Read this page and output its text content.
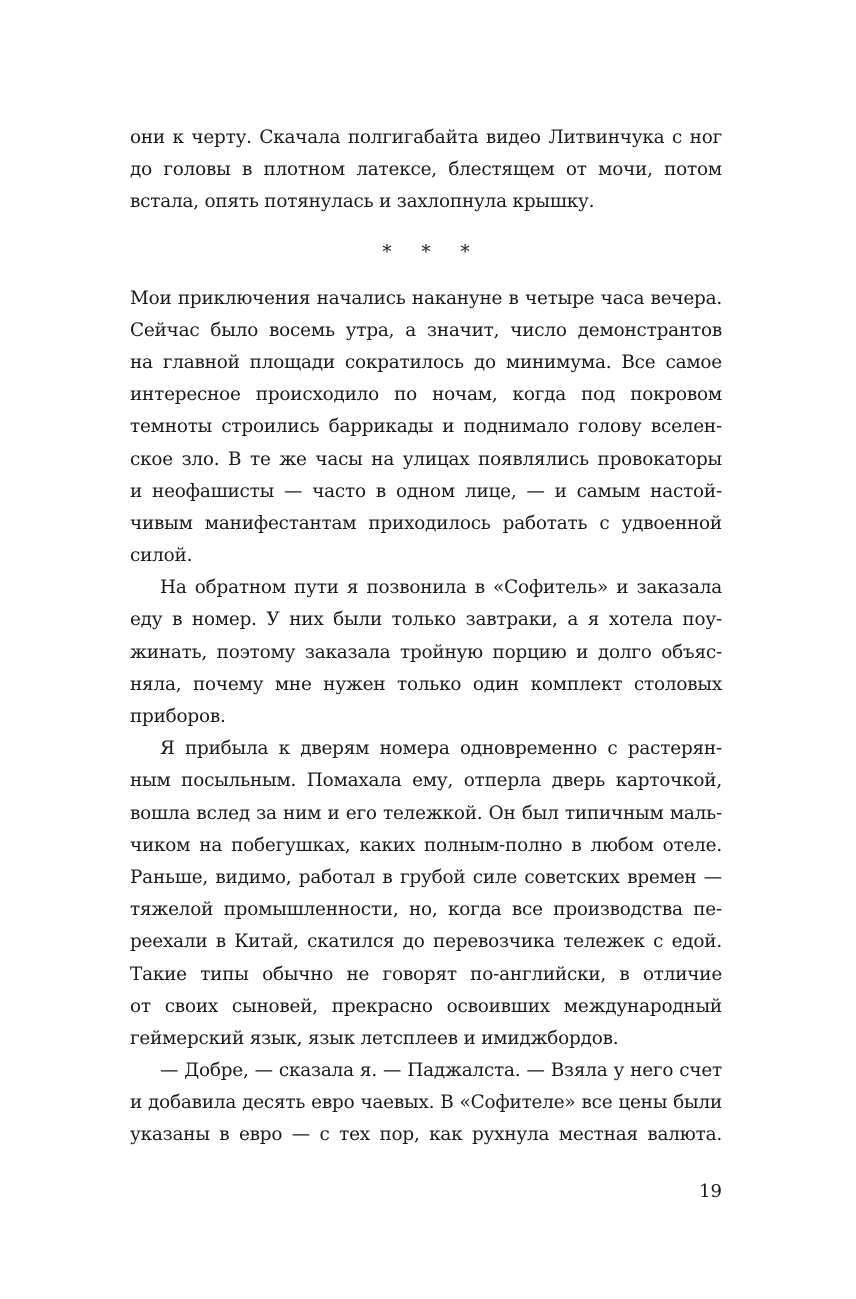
они к черту. Скачала полгигабайта видео Литвинчука с ног
до головы в плотном латексе, блестящем от мочи, потом
встала, опять потянулась и захлопнула крышку.
* * *
Мои приключения начались накануне в четыре часа вечера.
Сейчас было восемь утра, а значит, число демонстрантов
на главной площади сократилось до минимума. Все самое
интересное происходило по ночам, когда под покровом
темноты строились баррикады и поднимало голову вселен-
ское зло. В те же часы на улицах появлялись провокаторы
и неофашисты — часто в одном лице, — и самым настой-
чивым манифестантам приходилось работать с удвоенной
силой.
На обратном пути я позвонила в «Софитель» и заказала
еду в номер. У них были только завтраки, а я хотела поу-
жинать, поэтому заказала тройную порцию и долго объяс-
няла, почему мне нужен только один комплект столовых
приборов.
Я прибыла к дверям номера одновременно с растерян-
ным посыльным. Помахала ему, отперла дверь карточкой,
вошла вслед за ним и его тележкой. Он был типичным маль-
чиком на побегушках, каких полным-полно в любом отеле.
Раньше, видимо, работал в грубой силе советских времен —
тяжелой промышленности, но, когда все производства пе-
реехали в Китай, скатился до перевозчика тележек с едой.
Такие типы обычно не говорят по-английски, в отличие
от своих сыновей, прекрасно освоивших международный
геймерский язык, язык летсплеев и имиджбордов.
— Добре, — сказала я. — Паджалста. — Взяла у него счет
и добавила десять евро чаевых. В «Софителе» все цены были
указаны в евро — с тех пор, как рухнула местная валюта.
19
